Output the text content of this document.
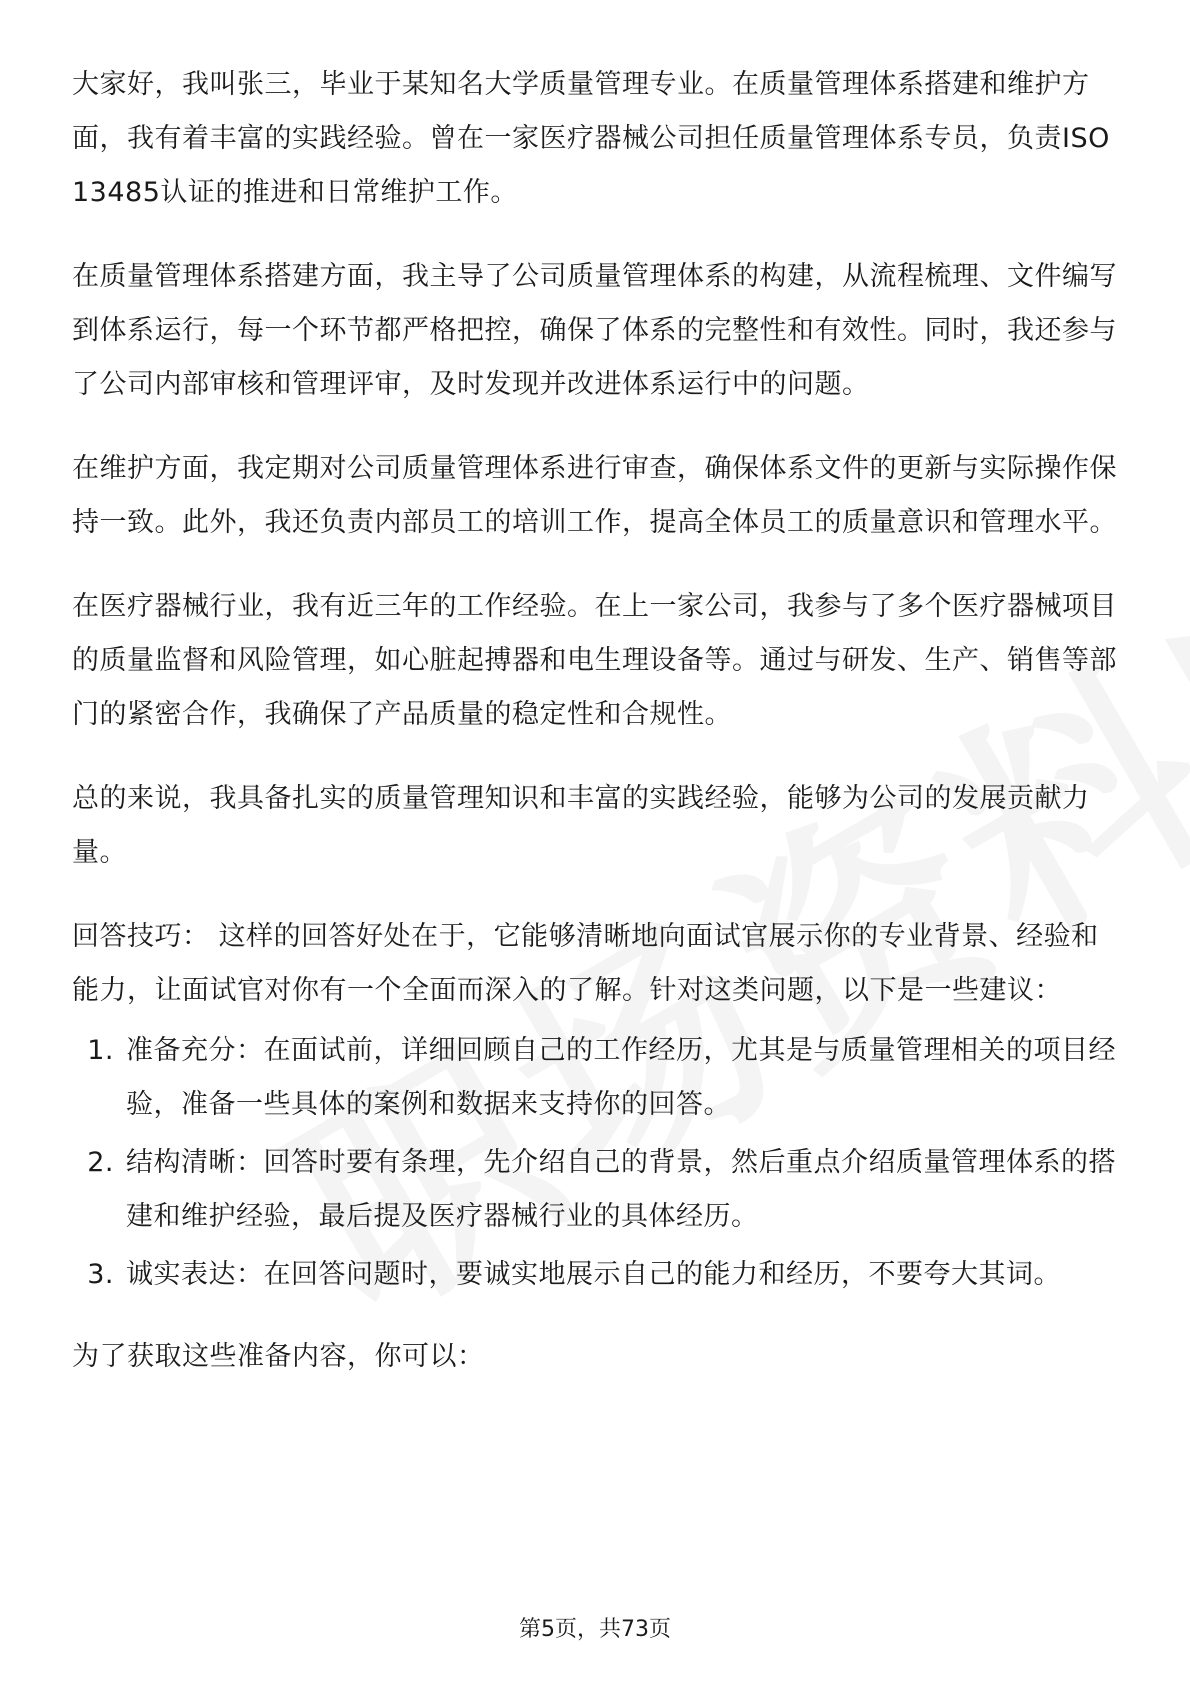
大家好，我叫张三，毕业于某知名大学质量管理专业。在质量管理体系搭建和维护方面，我有着丰富的实践经验。曾在一家医疗器械公司担任质量管理体系专员，负责ISO 13485认证的推进和日常维护工作。

在质量管理体系搭建方面，我主导了公司质量管理体系的构建，从流程梳理、文件编写到体系运行，每一个环节都严格把控，确保了体系的完整性和有效性。同时，我还参与了公司内部审核和管理评审，及时发现并改进体系运行中的问题。

在维护方面，我定期对公司质量管理体系进行审查，确保体系文件的更新与实际操作保持一致。此外，我还负责内部员工的培训工作，提高全体员工的质量意识和管理水平。

在医疗器械行业，我有近三年的工作经验。在上一家公司，我参与了多个医疗器械项目的质量监督和风险管理，如心脏起搏器和电生理设备等。通过与研发、生产、销售等部门的紧密合作，我确保了产品质量的稳定性和合规性。

总的来说，我具备扎实的质量管理知识和丰富的实践经验，能够为公司的发展贡献力量。

回答技巧： 这样的回答好处在于，它能够清晰地向面试官展示你的专业背景、经验和能力，让面试官对你有一个全面而深入的了解。针对这类问题，以下是一些建议：

1. 准备充分：在面试前，详细回顾自己的工作经历，尤其是与质量管理相关的项目经验，准备一些具体的案例和数据来支持你的回答。
2. 结构清晰：回答时要有条理，先介绍自己的背景，然后重点介绍质量管理体系的搭建和维护经验，最后提及医疗器械行业的具体经历。
3. 诚实表达：在回答问题时，要诚实地展示自己的能力和经历，不要夸大其词。

为了获取这些准备内容，你可以：

第5页，共73页
